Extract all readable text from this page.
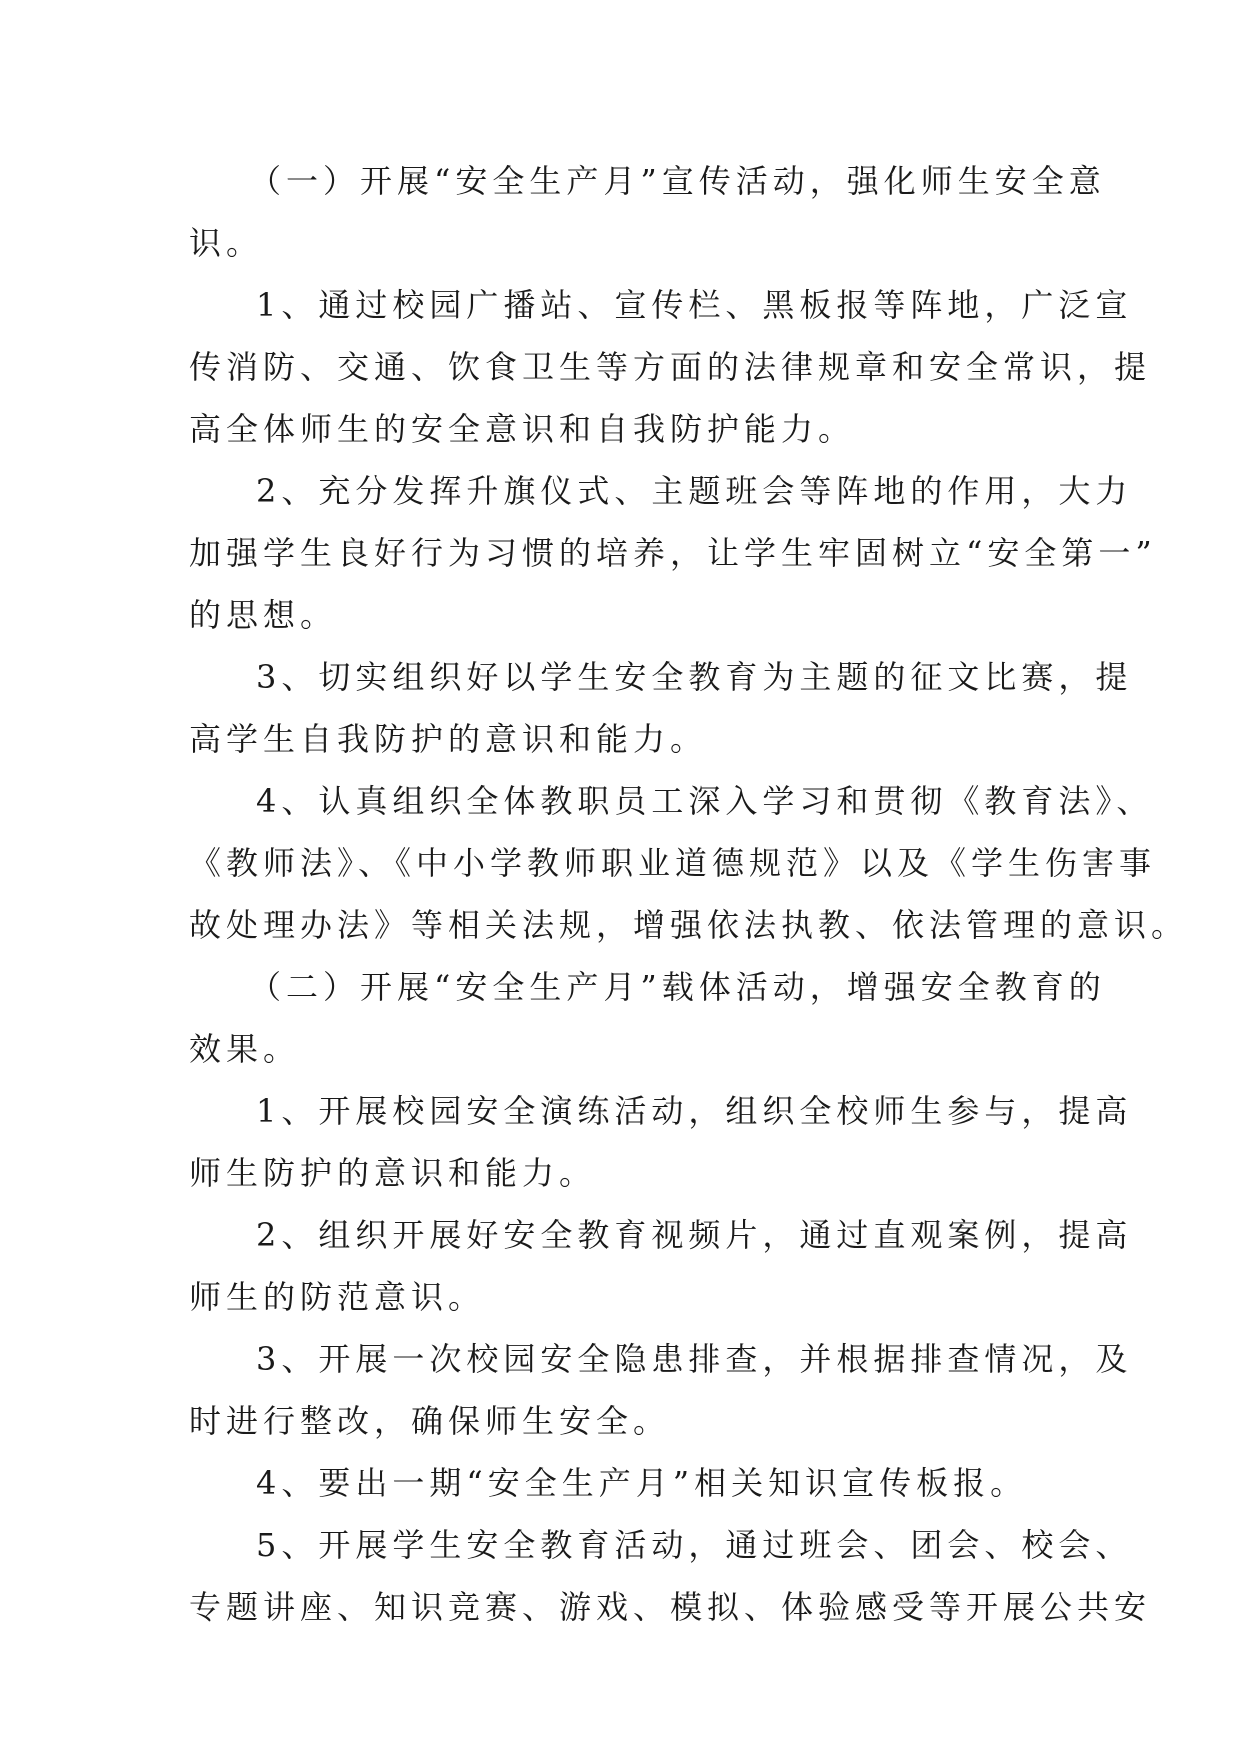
（一）开展“安全生产月”宣传活动，强化师生安全意
识。
1、通过校园广播站、宣传栏、黑板报等阵地，广泛宣
传消防、交通、饮食卫生等方面的法律规章和安全常识，提
高全体师生的安全意识和自我防护能力。
2、充分发挥升旗仪式、主题班会等阵地的作用，大力
加强学生良好行为习惯的培养，让学生牢固树立“安全第一”
的思想。
3、切实组织好以学生安全教育为主题的征文比赛，提
高学生自我防护的意识和能力。
4、认真组织全体教职员工深入学习和贯彻《教育法》、
《教师法》、《中小学教师职业道德规范》以及《学生伤害事
故处理办法》等相关法规，增强依法执教、依法管理的意识。
（二）开展“安全生产月”载体活动，增强安全教育的
效果。
1、开展校园安全演练活动，组织全校师生参与，提高
师生防护的意识和能力。
2、组织开展好安全教育视频片，通过直观案例，提高
师生的防范意识。
3、开展一次校园安全隐患排查，并根据排查情况，及
时进行整改，确保师生安全。
4、要出一期“安全生产月”相关知识宣传板报。
5、开展学生安全教育活动，通过班会、团会、校会、
专题讲座、知识竞赛、游戏、模拟、体验感受等开展公共安
